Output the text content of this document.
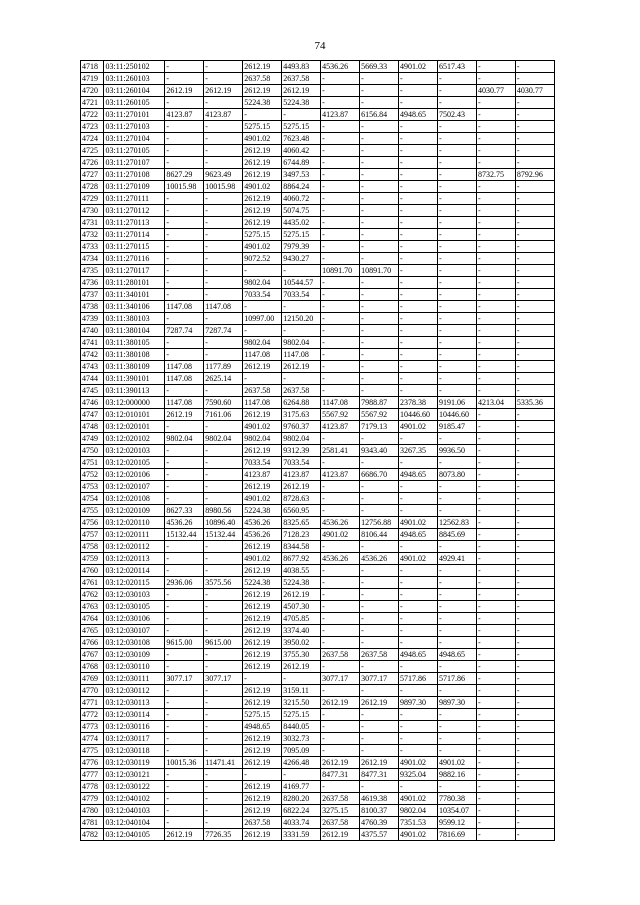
74
4718	03:11:250102	-	-	2612.19	4493.83	4536.26	5669.33	4901.02	6517.43	-	-
4719	03:11:260103	-	-	2637.58	2637.58	-	-	-	-	-	-
4720	03:11:260104	2612.19	2612.19	2612.19	2612.19	-	-	-	-	4030.77	4030.77
4721	03:11:260105	-	-	5224.38	5224.38	-	-	-	-	-	-
4722	03:11:270101	4123.87	4123.87	-	-	4123.87	6156.84	4948.65	7502.43	-	-
4723	03:11:270103	-	-	5275.15	5275.15	-	-	-	-	-	-
4724	03:11:270104	-	-	4901.02	7623.48	-	-	-	-	-	-
4725	03:11:270105	-	-	2612.19	4060.42	-	-	-	-	-	-
4726	03:11:270107	-	-	2612.19	6744.89	-	-	-	-	-	-
4727	03:11:270108	8627.29	9623.49	2612.19	3497.53	-	-	-	-	8732.75	8792.96
4728	03:11:270109	10015.98	10015.98	4901.02	8864.24	-	-	-	-	-	-
4729	03:11:270111	-	-	2612.19	4060.72	-	-	-	-	-	-
4730	03:11:270112	-	-	2612.19	5074.75	-	-	-	-	-	-
4731	03:11:270113	-	-	2612.19	4435.02	-	-	-	-	-	-
4732	03:11:270114	-	-	5275.15	5275.15	-	-	-	-	-	-
4733	03:11:270115	-	-	4901.02	7979.39	-	-	-	-	-	-
4734	03:11:270116	-	-	9072.52	9430.27	-	-	-	-	-	-
4735	03:11:270117	-	-	-	-	10891.70	10891.70	-	-	-	-
4736	03:11:280101	-	-	9802.04	10544.57	-	-	-	-	-	-
4737	03:11:340101	-	-	7033.54	7033.54	-	-	-	-	-	-
4738	03:11:340106	1147.08	1147.08	-	-	-	-	-	-	-	-
4739	03:11:380103	-	-	10997.00	12150.20	-	-	-	-	-	-
4740	03:11:380104	7287.74	7287.74	-	-	-	-	-	-	-	-
4741	03:11:380105	-	-	9802.04	9802.04	-	-	-	-	-	-
4742	03:11:380108	-	-	1147.08	1147.08	-	-	-	-	-	-
4743	03:11:380109	1147.08	1177.89	2612.19	2612.19	-	-	-	-	-	-
4744	03:11:390101	1147.08	2625.14	-	-	-	-	-	-	-	-
4745	03:11:390113	-	-	2637.58	2637.58	-	-	-	-	-	-
4746	03:12:000000	1147.08	7590.60	1147.08	6264.88	1147.08	7988.87	2378.38	9191.06	4213.04	5335.36
4747	03:12:010101	2612.19	7161.06	2612.19	3175.63	5567.92	5567.92	10446.60	10446.60	-	-
4748	03:12:020101	-	-	4901.02	9760.37	4123.87	7179.13	4901.02	9185.47	-	-
4749	03:12:020102	9802.04	9802.04	9802.04	9802.04	-	-	-	-	-	-
4750	03:12:020103	-	-	2612.19	9312.39	2581.41	9343.40	3267.35	9936.50	-	-
4751	03:12:020105	-	-	7033.54	7033.54	-	-	-	-	-	-
4752	03:12:020106	-	-	4123.87	4123.87	4123.87	6686.70	4948.65	8073.80	-	-
4753	03:12:020107	-	-	2612.19	2612.19	-	-	-	-	-	-
4754	03:12:020108	-	-	4901.02	8728.63	-	-	-	-	-	-
4755	03:12:020109	8627.33	8980.56	5224.38	6560.95	-	-	-	-	-	-
4756	03:12:020110	4536.26	10896.40	4536.26	8325.65	4536.26	12756.88	4901.02	12562.83	-	-
4757	03:12:020111	15132.44	15132.44	4536.26	7128.23	4901.02	8106.44	4948.65	8845.69	-	-
4758	03:12:020112	-	-	2612.19	8344.58	-	-	-	-	-	-
4759	03:12:020113	-	-	4901.02	8677.92	4536.26	4536.26	4901.02	4929.41	-	-
4760	03:12:020114	-	-	2612.19	4038.55	-	-	-	-	-	-
4761	03:12:020115	2936.06	3575.56	5224.38	5224.38	-	-	-	-	-	-
4762	03:12:030103	-	-	2612.19	2612.19	-	-	-	-	-	-
4763	03:12:030105	-	-	2612.19	4507.30	-	-	-	-	-	-
4764	03:12:030106	-	-	2612.19	4705.85	-	-	-	-	-	-
4765	03:12:030107	-	-	2612.19	3374.40	-	-	-	-	-	-
4766	03:12:030108	9615.00	9615.00	2612.19	3950.02	-	-	-	-	-	-
4767	03:12:030109	-	-	2612.19	3755.30	2637.58	2637.58	4948.65	4948.65	-	-
4768	03:12:030110	-	-	2612.19	2612.19	-	-	-	-	-	-
4769	03:12:030111	3077.17	3077.17	-	-	3077.17	3077.17	5717.86	5717.86	-	-
4770	03:12:030112	-	-	2612.19	3159.11	-	-	-	-	-	-
4771	03:12:030113	-	-	2612.19	3215.50	2612.19	2612.19	9897.30	9897.30	-	-
4772	03:12:030114	-	-	5275.15	5275.15	-	-	-	-	-	-
4773	03:12:030116	-	-	4948.65	8440.05	-	-	-	-	-	-
4774	03:12:030117	-	-	2612.19	3032.73	-	-	-	-	-	-
4775	03:12:030118	-	-	2612.19	7095.09	-	-	-	-	-	-
4776	03:12:030119	10015.36	11471.41	2612.19	4266.48	2612.19	2612.19	4901.02	4901.02	-	-
4777	03:12:030121	-	-	-	-	8477.31	8477.31	9325.04	9882.16	-	-
4778	03:12:030122	-	-	2612.19	4169.77	-	-	-	-	-	-
4779	03:12:040102	-	-	2612.19	8280.20	2637.58	4619.38	4901.02	7780.38	-	-
4780	03:12:040103	-	-	2612.19	6822.24	3275.15	8100.37	9802.04	10354.07	-	-
4781	03:12:040104	-	-	2637.58	4033.74	2637.58	4760.39	7351.53	9599.12	-	-
4782	03:12:040105	2612.19	7726.35	2612.19	3331.59	2612.19	4375.57	4901.02	7816.69	-	-
